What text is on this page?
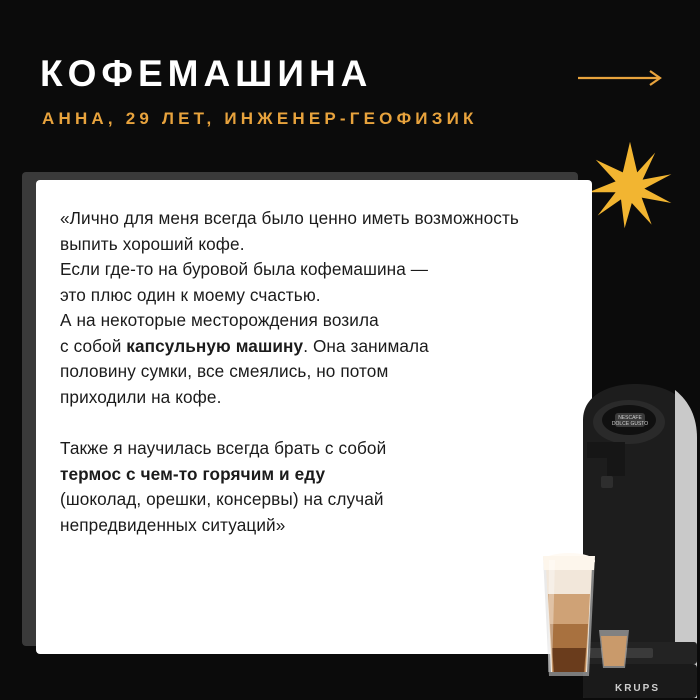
КОФЕМАШИНА
АННА, 29 ЛЕТ, ИНЖЕНЕР-ГЕОФИЗИК

«Лично для меня всегда было ценно иметь возможность выпить хороший кофе.

Если где-то на буровой была кофемашина —

это плюс один к моему счастью.

А на некоторые месторождения возила

с собой капсульную машину. Она занимала

половину сумки, все смеялись, но потом

приходили на кофе.

Также я научилась всегда брать с собой

термос с чем-то горячим и еду

(шоколад, орешки, консервы) на случай

непредвиденных ситуаций»

NESCAFE
DOLCE GUSTO
KRUPS
